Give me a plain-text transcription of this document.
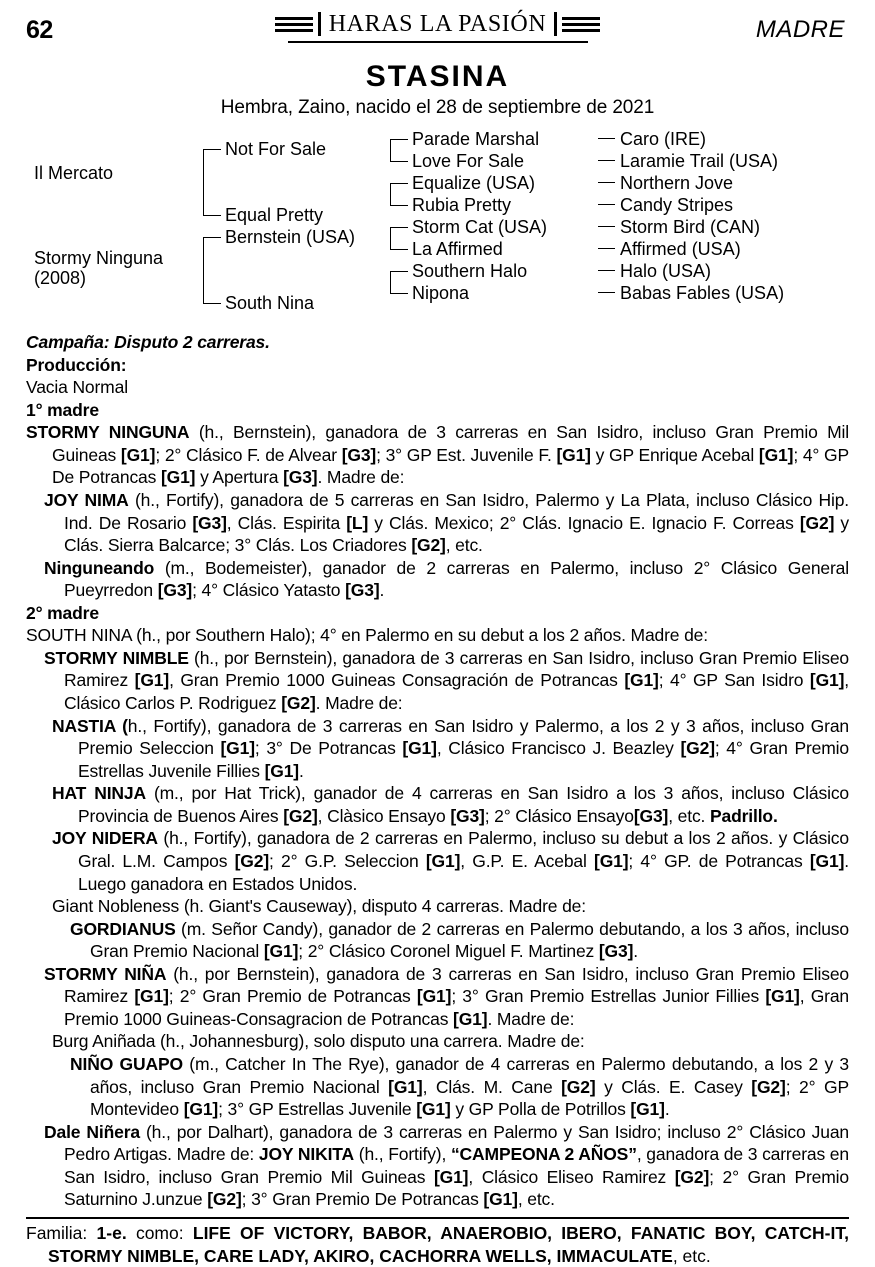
62	HARAS LA PASIÓN	MADRE
STASINA
Hembra, Zaino, nacido el 28 de septiembre de 2021
Il Mercato
Stormy Ninguna
(2008)
Not For Sale
Equal Pretty
Bernstein (USA)
South Nina
Parade Marshal
Love For Sale
Equalize (USA)
Rubia Pretty
Storm Cat (USA)
La Affirmed
Southern Halo
Nipona
Caro (IRE)
Laramie Trail (USA)
Northern Jove
Candy Stripes
Storm Bird (CAN)
Affirmed (USA)
Halo (USA)
Babas Fables (USA)

Campaña: Disputo 2 carreras.

Producción:

Vacia Normal

1° madre

STORMY NINGUNA (h., Bernstein), ganadora de 3 carreras en San Isidro, incluso Gran Premio Mil Guineas [G1]; 2° Clásico F. de Alvear [G3]; 3° GP Est. Juvenile F. [G1] y GP Enrique Acebal [G1]; 4° GP De Potrancas [G1] y Apertura [G3]. Madre de:

JOY NIMA (h., Fortify), ganadora de 5 carreras en San Isidro, Palermo y La Plata, incluso Clásico Hip. Ind. De Rosario [G3], Clás. Espirita [L] y Clás. Mexico; 2° Clás. Ignacio E. Ignacio F. Correas [G2] y Clás. Sierra Balcarce; 3° Clás. Los Criadores [G2], etc.

Ninguneando (m., Bodemeister), ganador de 2 carreras en Palermo, incluso 2° Clásico General Pueyrredon [G3]; 4° Clásico Yatasto [G3].

2° madre

SOUTH NINA (h., por Southern Halo); 4° en Palermo en su debut a los 2 años. Madre de:

STORMY NIMBLE (h., por Bernstein), ganadora de 3 carreras en San Isidro, incluso Gran Premio Eliseo Ramirez [G1], Gran Premio 1000 Guineas Consagración de Potrancas [G1]; 4° GP San Isidro [G1], Clásico Carlos P. Rodriguez [G2]. Madre de:

NASTIA (h., Fortify), ganadora de 3 carreras en San Isidro y Palermo, a los 2 y 3 años, incluso Gran Premio Seleccion [G1]; 3° De Potrancas [G1], Clásico Francisco J. Beazley [G2]; 4° Gran Premio Estrellas Juvenile Fillies [G1].

HAT NINJA (m., por Hat Trick), ganador de 4 carreras en San Isidro a los 3 años, incluso Clásico Provincia de Buenos Aires [G2], Clàsico Ensayo [G3]; 2° Clásico Ensayo[G3], etc. Padrillo.

JOY NIDERA (h., Fortify), ganadora de 2 carreras en Palermo, incluso su debut a los 2 años. y Clásico Gral. L.M. Campos [G2]; 2° G.P. Seleccion [G1], G.P. E. Acebal [G1]; 4° GP. de Potrancas [G1]. Luego ganadora en Estados Unidos.

Giant Nobleness (h. Giant's Causeway), disputo 4 carreras. Madre de:

GORDIANUS (m. Señor Candy), ganador de 2 carreras en Palermo debutando, a los 3 años, incluso Gran Premio Nacional [G1]; 2° Clásico Coronel Miguel F. Martinez [G3].

STORMY NIÑA (h., por Bernstein), ganadora de 3 carreras en San Isidro, incluso Gran Premio Eliseo Ramirez [G1]; 2° Gran Premio de Potrancas [G1]; 3° Gran Premio Estrellas Junior Fillies [G1], Gran Premio 1000 Guineas-Consagracion de Potrancas [G1]. Madre de:

Burg Aniñada (h., Johannesburg), solo disputo una carrera. Madre de:

NIÑO GUAPO (m., Catcher In The Rye), ganador de 4 carreras en Palermo debutando, a los 2 y 3 años, incluso Gran Premio Nacional [G1], Clás. M. Cane [G2] y Clás. E. Casey [G2]; 2° GP Montevideo [G1]; 3° GP Estrellas Juvenile [G1] y GP Polla de Potrillos [G1].

Dale Niñera (h., por Dalhart), ganadora de 3 carreras en Palermo y San Isidro; incluso 2° Clásico Juan Pedro Artigas. Madre de: JOY NIKITA (h., Fortify), “CAMPEONA 2 AÑOS”, ganadora de 3 carreras en San Isidro, incluso Gran Premio Mil Guineas [G1], Clásico Eliseo Ramirez [G2]; 2° Gran Premio Saturnino J.unzue [G2]; 3° Gran Premio De Potrancas [G1], etc.

Familia: 1-e. como: LIFE OF VICTORY, BABOR, ANAEROBIO, IBERO, FANATIC BOY, CATCH-IT, STORMY NIMBLE, CARE LADY, AKIRO, CACHORRA WELLS, IMMACULATE, etc.
